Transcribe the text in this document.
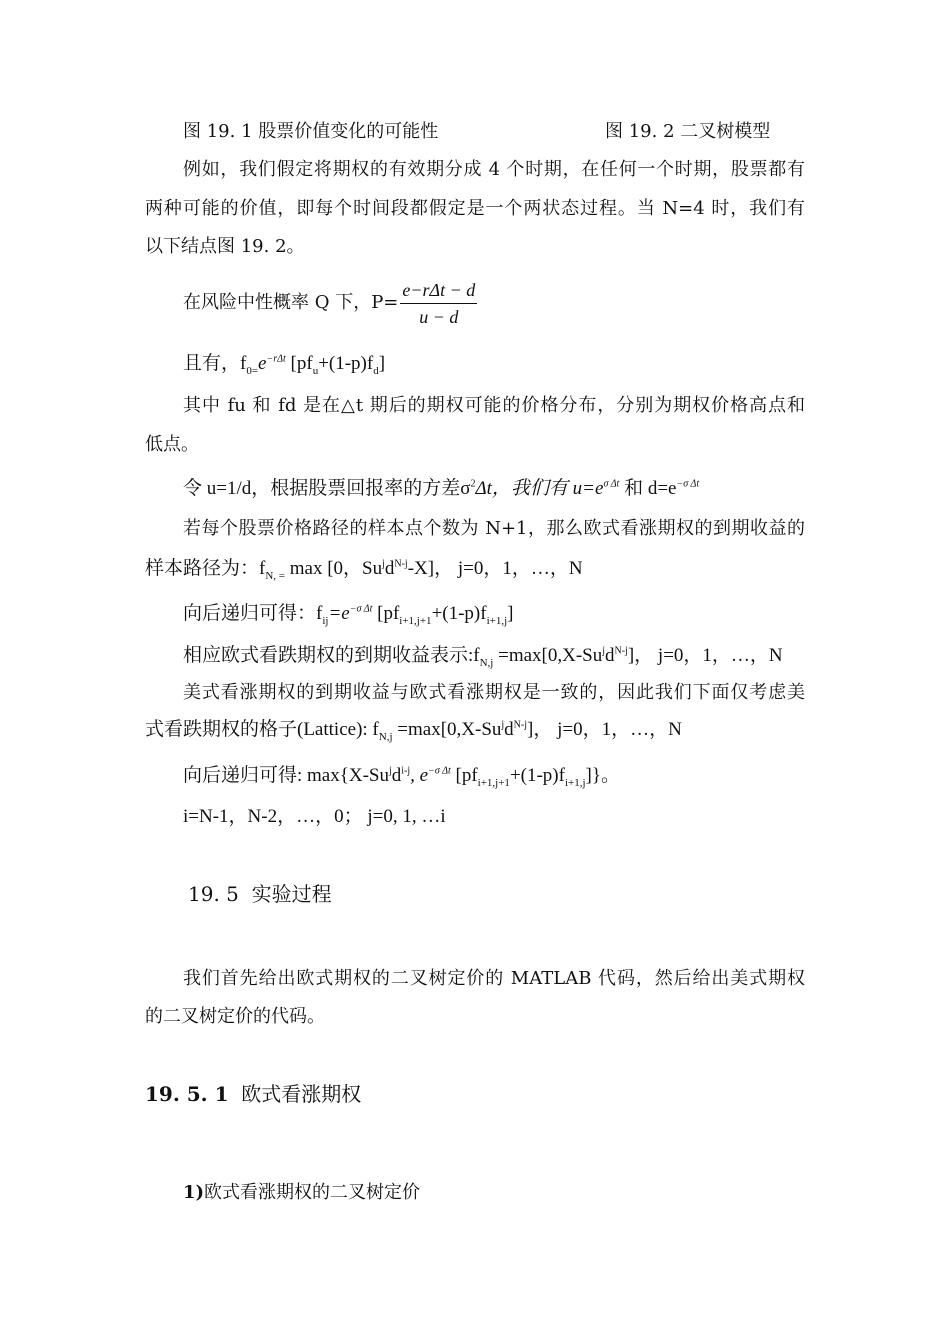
图 19. 1 股票价值变化的可能性	图 19. 2 二叉树模型
例如，我们假定将期权的有效期分成 4 个时期，在任何一个时期，股票都有
两种可能的价值，即每个时间段都假定是一个两状态过程。当 N=4 时，我们有
以下结点图 19. 2。
在风险中性概率 Q 下，$P= \frac{\text{e−rΔt − d}}{u - d}$
且有，$f_{0=}e^{-r\Delta t}$ $[pf_u+(1-p)f_d]$
其中 fu 和 fd 是在△t 期后的期权可能的价格分布，分别为期权价格高点和
低点。
令 u=1/d，根据股票回报率的方差$\sigma^2\Delta t$，我们有 $u=e^{\sigma \Delta t}$ 和 $d=e^{-\sigma \Delta t}$
若每个股票价格路径的样本点个数为 N+1，那么欧式看涨期权的到期收益的
样本路径为：$f_{N, =}$ max [0，$Su^jd^{N-j}-X$]， j=0，1，…，N
向后递归可得：$f_{ij}=e^{-\sigma \Delta t}$ $[pf_{i+1,j+1}+(1-p)f_{i+1,j}]$
相应欧式看跌期权的到期收益表示$:f_{N,j} =\max[0,X-Su^jd^{N-j}]$， j=0，1，…，N
美式看涨期权的到期收益与欧式看涨期权是一致的，因此我们下面仅考虑美
式看跌期权的格子(Lattice): $f_{N,j} =\max[0,X-Su^jd^{N-j}]$， j=0，1，…，N
向后递归可得: $\max\{X-Su^jd^{i-j}$, $e^{-\sigma \Delta t}$ $[pf_{i+1,j+1}+(1-p)f_{i+1,j}]$}。
i=N-1，N-2，…，0； j=0, 1, …i
19. 5 实验过程
我们首先给出欧式期权的二叉树定价的 MATLAB 代码，然后给出美式期权
的二叉树定价的代码。
19. 5. 1 欧式看涨期权
1)欧式看涨期权的二叉树定价
